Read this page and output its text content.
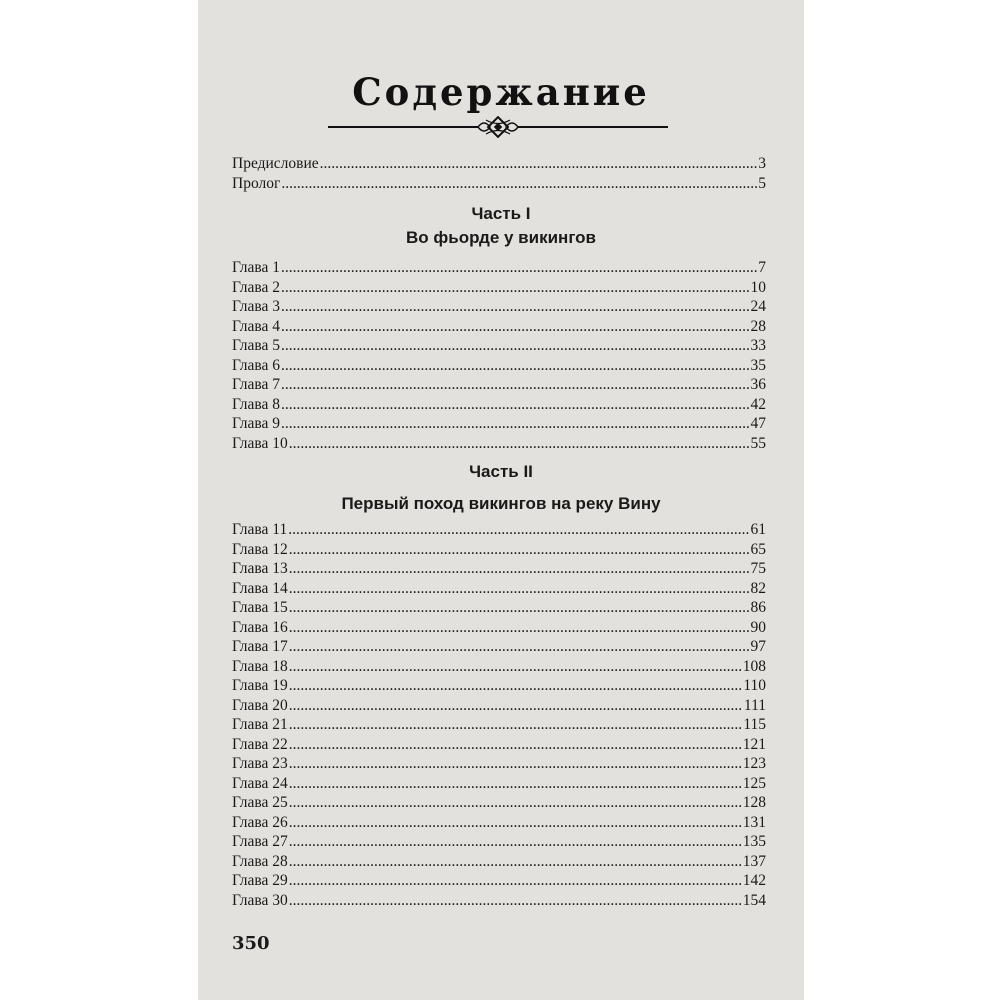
Содержание
Предисловие .....	3
Пролог .....	5
Часть I
Во фьорде у викингов
Глава 1 .....	7
Глава 2 .....	10
Глава 3 .....	24
Глава 4 .....	28
Глава 5 .....	33
Глава 6 .....	35
Глава 7 .....	36
Глава 8 .....	42
Глава 9 .....	47
Глава 10 .....	55
Часть II
Первый поход викингов на реку Вину
Глава 11 .....	61
Глава 12 .....	65
Глава 13 .....	75
Глава 14 .....	82
Глава 15 .....	86
Глава 16 .....	90
Глава 17 .....	97
Глава 18 .....	108
Глава 19 .....	110
Глава 20 .....	111
Глава 21 .....	115
Глава 22 .....	121
Глава 23 .....	123
Глава 24 .....	125
Глава 25 .....	128
Глава 26 .....	131
Глава 27 .....	135
Глава 28 .....	137
Глава 29 .....	142
Глава 30 .....	154
350
